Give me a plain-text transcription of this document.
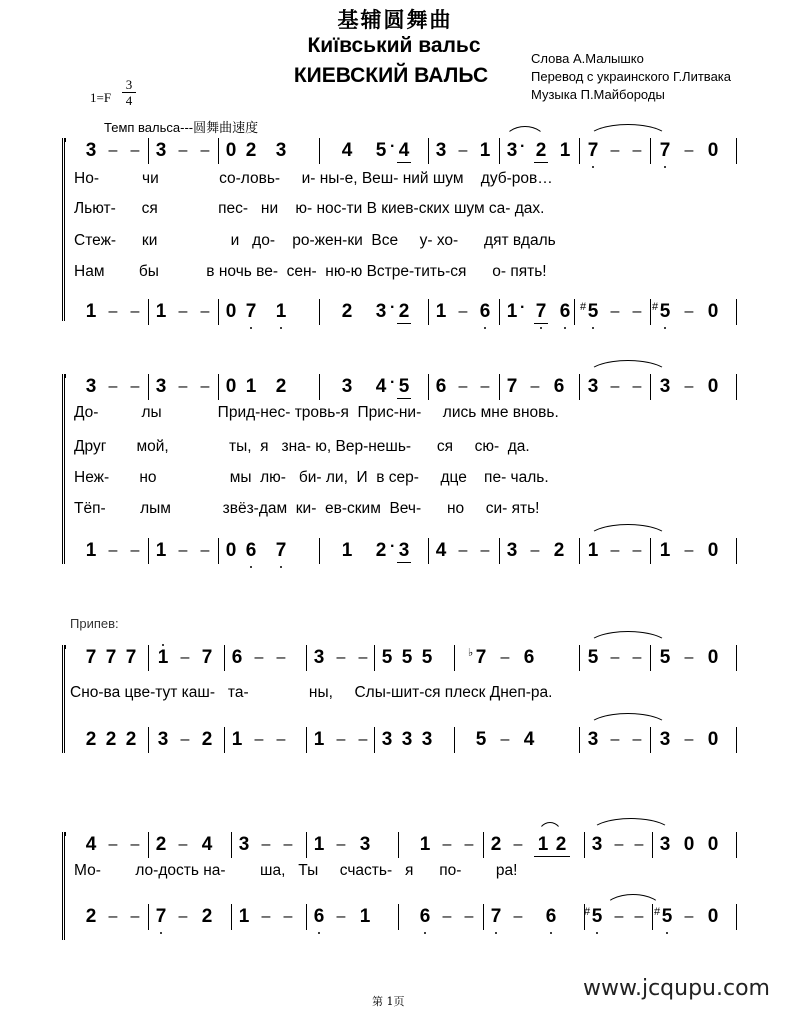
基辅圆舞曲
Київський вальс
КИЕВСКИЙ ВАЛЬС
Слова А.Малышко
Перевод с украинского Г.Литвака
Музыка П.Майбороды
$1=F \frac{3}{4}$
Темп вальса---圆舞曲速度
3 – – 3 – – 0 2 3	4 5 · 4 3 – 1 3 · 2 1 7 – – 7 – 0
Но-          чи              со-ловь-     и- ны-е, Веш- ний шум    дуб-ров…
Льют-      ся              пес-   ни    ю- нос-ти В киев-ских шум са- дах.
Стеж-      ки                 и   до-    ро-жен-ки  Все     у- хо-      дят вдаль
Нам        бы           в ночь ве-  сен-  ню-ю Встре-тить-ся      о- пять!
1 – – 1 – – 0 7 1	2 3 · 2 1 – 6 1 · 7 6 # 5 – – # 5 – 0
3 – – 3 – – 0 1 2	3 4 · 5 6 – – 7 – 6 3 – – 3 – 0
До-          лы             Прид-нес- тровь-я  Прис-ни-     лись мне вновь.
Друг       мой,              ты,  я   зна- ю, Вер-нешь-      ся     сю-  да.
Неж-       но                 мы  лю-   би- ли,  И  в сер-     дце    пе- чаль.
Тёп-        лым            звёз-дам  ки-  ев-ским  Веч-      но     си- ять!
1 – – 1 – – 0 6 7	1 2 · 3 4 – – 3 – 2 1 – – 1 – 0
Припев:
7 7 7 1 – 7 6 – – 3 – – 5 5 5	♭ 7 – 6	5 – – 5 – 0
Сно-ва цве-тут каш-   та-              ны,     Слы-шит-ся плеск Днеп-ра.
2 2 2 3 – 2 1 – – 1 – – 3 3 3 5 – 4	3 – – 3 – 0
4 – – 2 – 4 3 – – 1 – 3	1 – – 2 – 1 2 3 – – 3 0 0
Мо-        ло-дость на-        ша,   Ты     счасть-   я      по-        ра!
2 – – 7 – 2 1 – – 6 – 1	6 – – 7 – 6	# 5 – – # 5 – 0
第 1页
www.jcqupu.com
